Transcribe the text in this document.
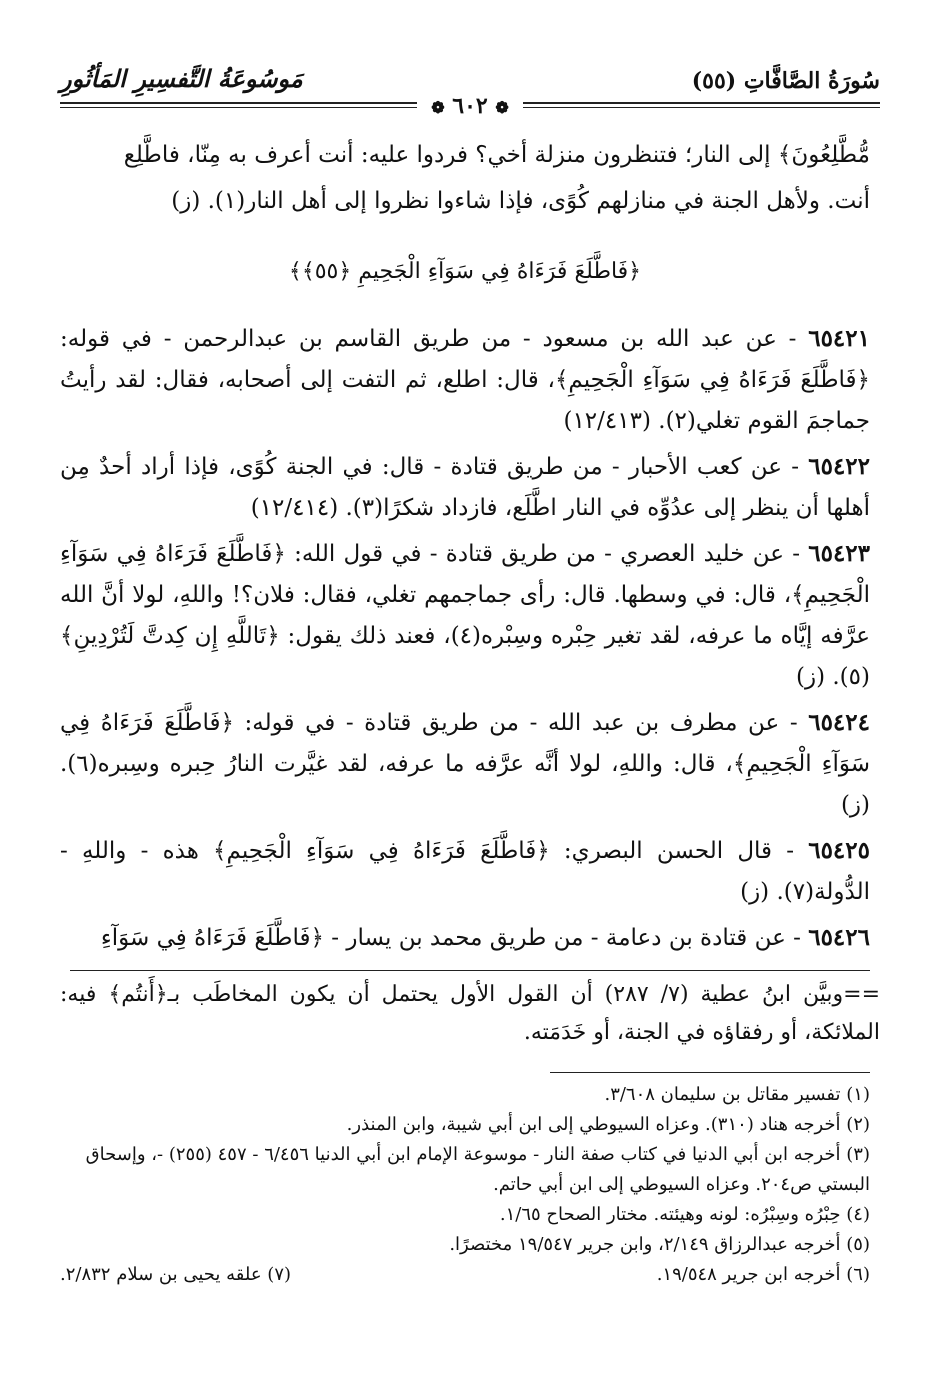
سُورَةُ الصَّافَّاتِ (٥٥)
مَوسُوعَةُ التَّفسِيرِ المَأثُورِ
❁ ٦٠٢ ❁

مُّطَّلِعُونَ﴾ إلى النار؛ فتنظرون منزلة أخي؟ فردوا عليه: أنت أعرف به مِنّا، فاطَّلِع

أنت. ولأهل الجنة في منازلهم كُوًى، فإذا شاءوا نظروا إلى أهل النار(١). (ز)

﴿فَاطَّلَعَ فَرَءَاهُ فِي سَوَآءِ الْجَحِيمِ ﴿٥٥﴾﴾

٦٥٤٢١ - عن عبد الله بن مسعود - من طريق القاسم بن عبدالرحمن - في قوله: ﴿فَاطَّلَعَ فَرَءَاهُ فِي سَوَآءِ الْجَحِيمِ﴾، قال: اطلع، ثم التفت إلى أصحابه، فقال: لقد رأيتُ جماجمَ القوم تغلي(٢). (١٢/٤١٣)

٦٥٤٢٢ - عن كعب الأحبار - من طريق قتادة - قال: في الجنة كُوًى، فإذا أراد أحدٌ مِن أهلها أن ينظر إلى عدُوِّه في النار اطَّلَع، فازداد شكرًا(٣). (١٢/٤١٤)

٦٥٤٢٣ - عن خليد العصري - من طريق قتادة - في قول الله: ﴿فَاطَّلَعَ فَرَءَاهُ فِي سَوَآءِ الْجَحِيمِ﴾، قال: في وسطها. قال: رأى جماجمهم تغلي، فقال: فلان؟! واللهِ، لولا أنَّ الله عرَّفه إيَّاه ما عرفه، لقد تغير حِبْره وسِبْره(٤)، فعند ذلك يقول: ﴿تَاللَّهِ إِن كِدتَّ لَتُرْدِينِ﴾(٥). (ز)

٦٥٤٢٤ - عن مطرف بن عبد الله - من طريق قتادة - في قوله: ﴿فَاطَّلَعَ فَرَءَاهُ فِي سَوَآءِ الْجَحِيمِ﴾، قال: واللهِ، لولا أنَّه عرَّفه ما عرفه، لقد غيَّرت النارُ حِبره وسِبره(٦). (ز)

٦٥٤٢٥ - قال الحسن البصري: ﴿فَاطَّلَعَ فَرَءَاهُ فِي سَوَآءِ الْجَحِيمِ﴾ هذه - واللهِ - الدُّولة(٧). (ز)

٦٥٤٢٦ - عن قتادة بن دعامة - من طريق محمد بن يسار - ﴿فَاطَّلَعَ فَرَءَاهُ فِي سَوَآءِ

==وبيَّن ابنُ عطية (٧/ ٢٨٧) أن القول الأول يحتمل أن يكون المخاطَب بـ﴿أَنتُم﴾ فيه: الملائكة، أو رفقاؤه في الجنة، أو خَدَمَته.

(١) تفسير مقاتل بن سليمان ٣/٦٠٨.

(٢) أخرجه هناد (٣١٠). وعزاه السيوطي إلى ابن أبي شيبة، وابن المنذر.

(٣) أخرجه ابن أبي الدنيا في كتاب صفة النار - موسوعة الإمام ابن أبي الدنيا ٦/٤٥٦ - ٤٥٧ (٢٥٥) -، وإسحاق البستي ص٢٠٤. وعزاه السيوطي إلى ابن أبي حاتم.

(٤) حِبْرُه وسِبْرُه: لونه وهيئته. مختار الصحاح ١/٦٥.

(٥) أخرجه عبدالرزاق ٢/١٤٩، وابن جرير ١٩/٥٤٧ مختصرًا.

(٦) أخرجه ابن جرير ١٩/٥٤٨.
(٧) علقه يحيى بن سلام ٢/٨٣٢.
